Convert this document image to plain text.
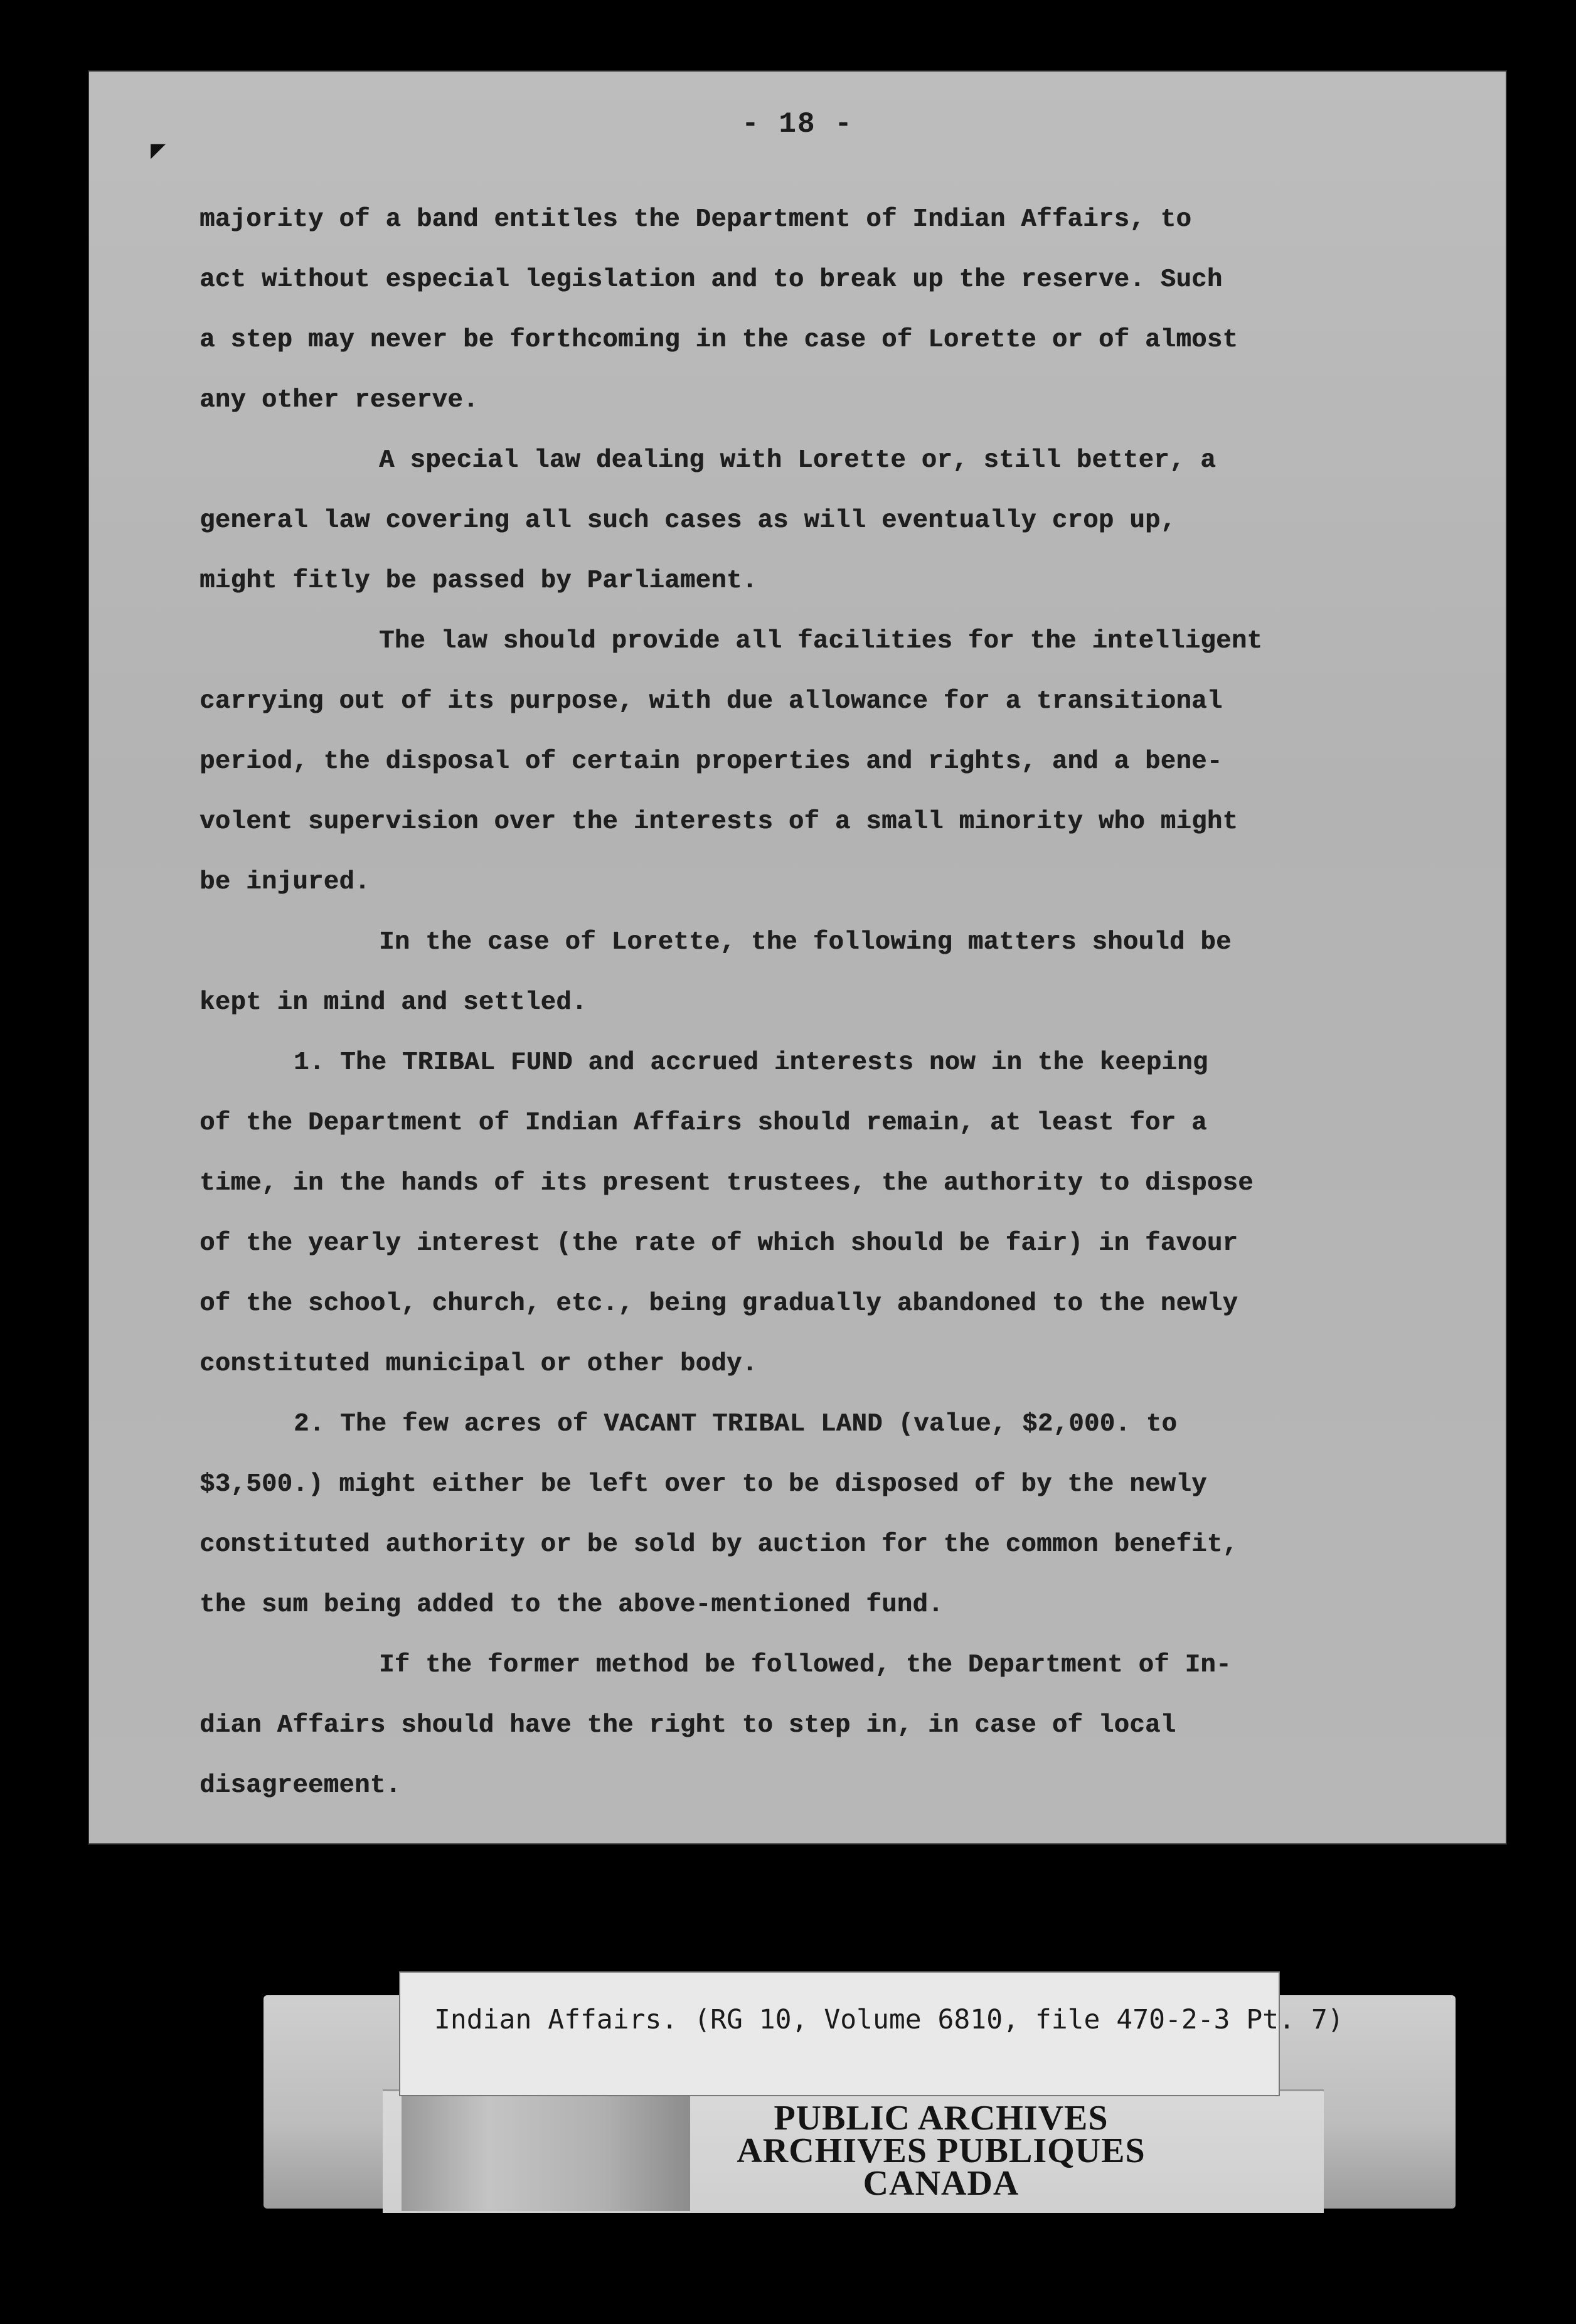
- 18 -
◤
majority of a band entitles the Department of Indian Affairs, to
act without especial legislation and to break up the reserve. Such
a step may never be forthcoming in the case of Lorette or of almost
any other reserve.
A special law dealing with Lorette or, still better, a
general law covering all such cases as will eventually crop up,
might fitly be passed by Parliament.
The law should provide all facilities for the intelligent
carrying out of its purpose, with due allowance for a transitional
period, the disposal of certain properties and rights, and a bene-
volent supervision over the interests of a small minority who might
be injured.
In the case of Lorette, the following matters should be
kept in mind and settled.
1. The TRIBAL FUND and accrued interests now in the keeping
of the Department of Indian Affairs should remain, at least for a
time, in the hands of its present trustees, the authority to dispose
of the yearly interest (the rate of which should be fair) in favour
of the school, church, etc., being gradually abandoned to the newly
constituted municipal or other body.
2. The few acres of VACANT TRIBAL LAND (value, $2,000. to
$3,500.) might either be left over to be disposed of by the newly
constituted authority or be sold by auction for the common benefit,
the sum being added to the above-mentioned fund.
If the former method be followed, the Department of In-
dian Affairs should have the right to step in, in case of local
disagreement.
PUBLIC ARCHIVES
ARCHIVES PUBLIQUES
CANADA
Indian Affairs. (RG 10, Volume 6810, file 470-2-3 Pt. 7)
